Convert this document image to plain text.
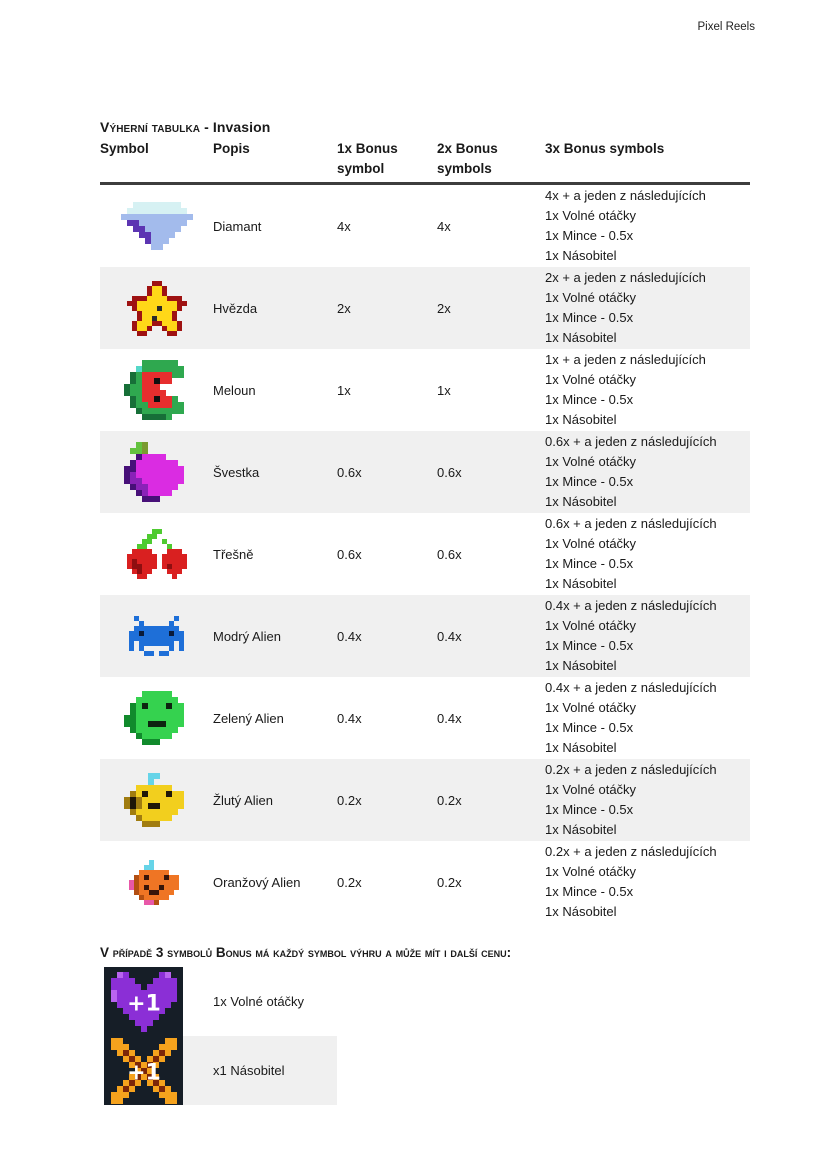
Pixel Reels
Výherní tabulka - Invasion
Symbol	Popis	1x Bonus symbol
2x Bonus symbols
3x Bonus symbols
Diamant	4x	4x
4x + a jeden z následujících
1x Volné otáčky
1x Mince - 0.5x
1x Násobitel
Hvězda	2x	2x
2x + a jeden z následujících
1x Volné otáčky
1x Mince - 0.5x
1x Násobitel
Meloun	1x	1x
1x + a jeden z následujících
1x Volné otáčky
1x Mince - 0.5x
1x Násobitel
Švestka	0.6x	0.6x
0.6x + a jeden z následujících
1x Volné otáčky
1x Mince - 0.5x
1x Násobitel
Třešně	0.6x	0.6x
0.6x + a jeden z následujících
1x Volné otáčky
1x Mince - 0.5x
1x Násobitel
Modrý Alien	0.4x	0.4x
0.4x + a jeden z následujících
1x Volné otáčky
1x Mince - 0.5x
1x Násobitel
Zelený Alien	0.4x	0.4x
0.4x + a jeden z následujících
1x Volné otáčky
1x Mince - 0.5x
1x Násobitel
Žlutý Alien	0.2x	0.2x
0.2x + a jeden z následujících
1x Volné otáčky
1x Mince - 0.5x
1x Násobitel
Oranžový Alien	0.2x	0.2x
0.2x + a jeden z následujících
1x Volné otáčky
1x Mince - 0.5x
1x Násobitel
V případě 3 symbolů Bonus má každý symbol výhru a může mít i další cenu:
+1	1x Volné otáčky
+1	x1 Násobitel
